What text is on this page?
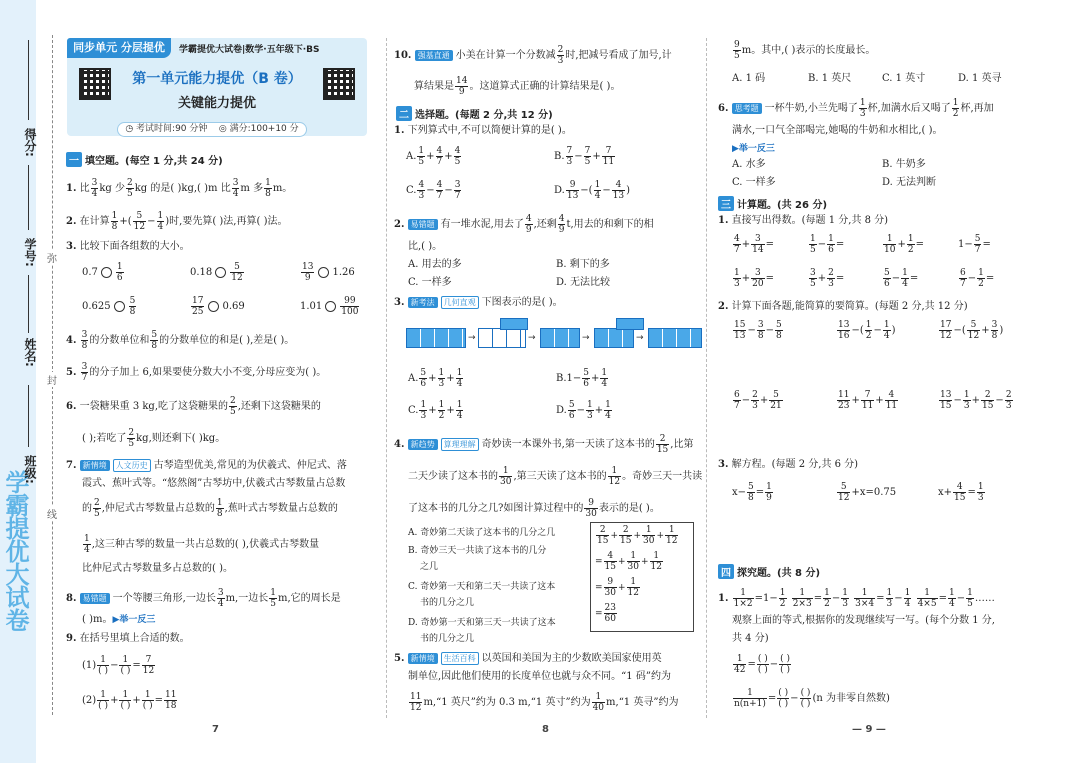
学霸提优大试卷
得分:
学号:
姓名:
班级:
弥
封
线
同步单元 分层提优	学霸提优大试卷|数学·五年级下·BS
第一单元能力提优（B 卷）
关键能力提优
◷ 考试时间:90 分钟 ◎ 满分:100+10 分
一 填空题。(每空 1 分,共 24 分)
1. 比 $\frac{3}{4}$ kg 少 $\frac{2}{5}$ kg 的是( )kg,( )m 比 $\frac{3}{4}$ m 多 $\frac{1}{8}$ m。
2. 在计算 $\frac{1}{8}$ +( $\frac{5}{12} - \frac{1}{4}$ )时,要先算( )法,再算( )法。
3. 比较下面各组数的大小。
$0.7 \frac{1}{6}$	$0.18 \frac{5}{12}$	$\frac{13}{9} 1.26$
$0.625 \frac{5}{8}$	$\frac{17}{25} 0.69$	$1.01 \frac{99}{100}$
4. $\frac{3}{8}$ 的分数单位和 $\frac{5}{8}$ 的分数单位的和是( ),差是( )。
5. $\frac{3}{7}$ 的分子加上 6,如果要使分数大小不变,分母应变为( )。
6. 一袋糖果重 3 kg,吃了这袋糖果的 $\frac{2}{5}$ ,还剩下这袋糖果的
( );若吃了 $\frac{2}{5}$ kg,则还剩下( )kg。
7. 新情境 人文历史 古琴造型优美,常见的为伏羲式、仲尼式、落
霞式、蕉叶式等。“悠然阁”古琴坊中,伏羲式古琴数量占总数
的 $\frac{2}{5}$ ,仲尼式古琴数量占总数的 $\frac{1}{8}$ ,蕉叶式古琴数量占总数的
$\frac{1}{4}$ ,这三种古琴的数量一共占总数的( ),伏羲式古琴数量
比仲尼式古琴数量多占总数的( )。
8. 易错题 一个等腰三角形,一边长 $\frac{3}{4} m$,一边长 $\frac{1}{5} m$,它的周长是
( )m。▶举一反三
9. 在括号里填上合适的数。
$(1) \frac{1}{( )} - \frac{1}{( )} = \frac{7}{12}$
$(2) \frac{1}{( )} + \frac{1}{( )} + \frac{1}{( )} = \frac{11}{18}$
7
10. 强基直通 小美在计算一个分数减 $\frac{2}{3}$ 时,把减号看成了加号,计
算结果是 $\frac{14}{9}$ 。这道算式正确的计算结果是( )。
二 选择题。(每题 2 分,共 12 分)
1. 下列算式中,不可以简便计算的是( )。
A. $\frac{1}{5} + \frac{4}{7} + \frac{4}{5}$	B. $\frac{7}{3} - \frac{7}{5} + \frac{7}{11}$
C. $\frac{4}{3} - \frac{4}{7} - \frac{3}{7}$	D. $\frac{9}{13}$ −( $\frac{1}{4} - \frac{4}{13}$ )
2. 易错题 有一堆水泥,用去了 $\frac{4}{9}$ ,还剩 $\frac{4}{9} t$,用去的和剩下的相
比,( )。
A. 用去的多	B. 剩下的多
C. 一样多	D. 无法比较
3. 新考法 几何直观 下图表示的是( )。
→	→	→	→
A. $\frac{5}{6} + \frac{1}{3} + \frac{1}{4}$	$B.1- \frac{5}{6} + \frac{1}{4}$
C. $\frac{1}{3} + \frac{1}{2} + \frac{1}{4}$	D. $\frac{5}{6} - \frac{1}{3} + \frac{1}{4}$
4. 新趋势 算理理解 奇妙读一本课外书,第一天读了这本书的 $\frac{2}{15}$ ,比第
二天少读了这本书的 $\frac{1}{30}$ ,第三天读了这本书的 $\frac{1}{12}$ 。奇妙三天一共读
了这本书的几分之几?如图计算过程中的 $\frac{9}{30}$ 表示的是( )。
A. 奇妙第二天读了这本书的几分之几
B. 奇妙三天一共读了这本书的几分
之几
C. 奇妙第一天和第二天一共读了这本
书的几分之几
D. 奇妙第一天和第三天一共读了这本
书的几分之几
$\frac{2}{15} + \frac{2}{15} + \frac{1}{30} + \frac{1}{12}$
= $\frac{4}{15} + \frac{1}{30} + \frac{1}{12}$
= $\frac{9}{30} + \frac{1}{12}$
= $\frac{23}{60}$
5. 新情境 生活百科 以英国和美国为主的少数欧美国家使用英
制单位,因此他们使用的长度单位也就与众不同。“1 码”约为
$\frac{11}{12}$ m,“1 英尺”约为 0.3 m,“1 英寸”约为 $\frac{1}{40}$ m,“1 英寻”约为
8
$\frac{9}{5}$ m。其中,( )表示的长度最长。
A. 1 码	B. 1 英尺	C. 1 英寸	D. 1 英寻
6. 思考题 一杯牛奶,小兰先喝了 $\frac{1}{3}$ 杯,加满水后又喝了 $\frac{1}{2}$ 杯,再加
满水,一口气全部喝完,她喝的牛奶和水相比,( )。
▶举一反三
A. 水多	B. 牛奶多
C. 一样多	D. 无法判断
三 计算题。(共 26 分)
1. 直接写出得数。(每题 1 分,共 8 分)
$\frac{4}{7} + \frac{3}{14}$ =	$\frac{1}{5} - \frac{1}{6}$ =	$\frac{1}{10} + \frac{1}{2}$ =	$1- \frac{5}{7}$ =
$\frac{1}{3} + \frac{3}{20}$ =	$\frac{3}{5} + \frac{2}{3}$ =	$\frac{5}{6} - \frac{1}{4}$ =	$\frac{6}{7} - \frac{1}{2}$ =
2. 计算下面各题,能简算的要简算。(每题 2 分,共 12 分)
$\frac{15}{13} - \frac{3}{8} - \frac{5}{8}$	$\frac{13}{16}$ −( $\frac{1}{2} - \frac{1}{4}$ )	$\frac{17}{12}$ −( $\frac{5}{12} + \frac{3}{8}$ )
$\frac{6}{7} - \frac{2}{3} + \frac{5}{21}$	$\frac{11}{23} + \frac{7}{11} + \frac{4}{11}$	$\frac{13}{15} - \frac{1}{3} + \frac{2}{15} - \frac{2}{3}$
3. 解方程。(每题 2 分,共 6 分)
$x- \frac{5}{8} = \frac{1}{9}$	$\frac{5}{12} +x=0.75$	$x+ \frac{4}{15} = \frac{1}{3}$
四 探究题。(共 8 分)
1. $\frac{1}{1\times 2} =1- \frac{1}{2}$
$\frac{1}{2\times 3} = \frac{1}{2} - \frac{1}{3}$
$\frac{1}{3\times 4} = \frac{1}{3} - \frac{1}{4}$
$\frac{1}{4\times 5} = \frac{1}{4} - \frac{1}{5}$ ……
观察上面的等式,根据你的发现继续写一写。(每个分数 1 分,
共 4 分)
$\frac{1}{42} = \frac{( )}{( )} - \frac{( )}{( )}$
$\frac{1}{n(n+1)} = \frac{( )}{( )} - \frac{( )}{( )} (n$ 为非零自然数)
— 9 —
